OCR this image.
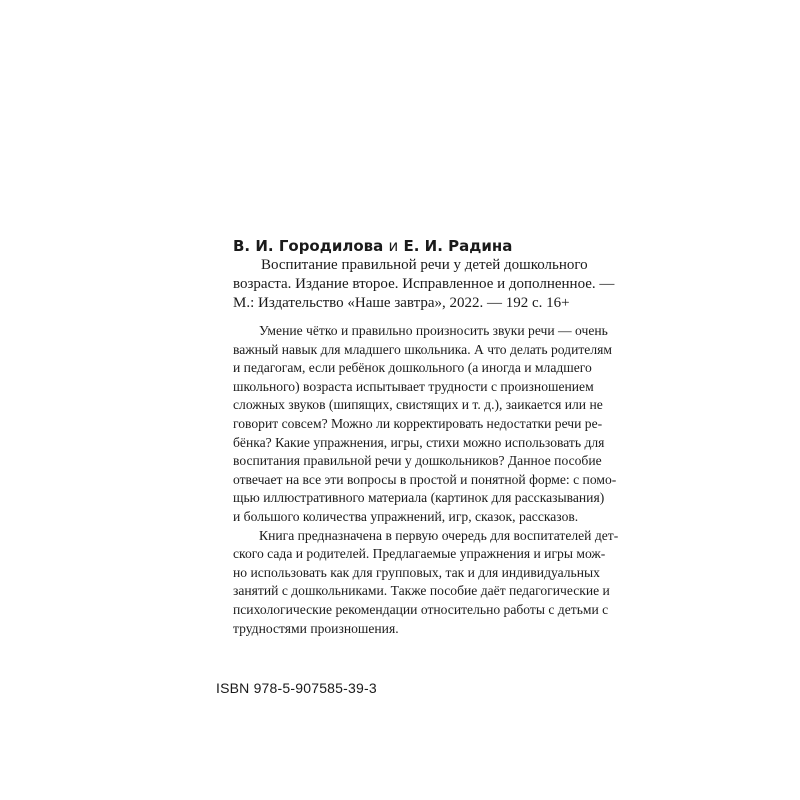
В. И. Городилова и Е. И. Радина

Воспитание правильной речи у детей дошкольного
возраста. Издание второе. Исправленное и дополненное. —
М.: Издательство «Наше завтра», 2022. — 192 с. 16+

Умение чётко и правильно произносить звуки речи — очень
важный навык для младшего школьника. А что делать родителям
и педагогам, если ребёнок дошкольного (а иногда и младшего
школьного) возраста испытывает трудности с произношением
сложных звуков (шипящих, свистящих и т. д.), заикается или не
говорит совсем? Можно ли корректировать недостатки речи ре-
бёнка? Какие упражнения, игры, стихи можно использовать для
воспитания правильной речи у дошкольников? Данное пособие
отвечает на все эти вопросы в простой и понятной форме: с помо-
щью иллюстративного материала (картинок для рассказывания)
и большого количества упражнений, игр, сказок, рассказов.

Книга предназначена в первую очередь для воспитателей дет-
ского сада и родителей. Предлагаемые упражнения и игры мож-
но использовать как для групповых, так и для индивидуальных
занятий с дошкольниками. Также пособие даёт педагогические и
психологические рекомендации относительно работы с детьми с
трудностями произношения.

ISBN 978-5-907585-39-3
